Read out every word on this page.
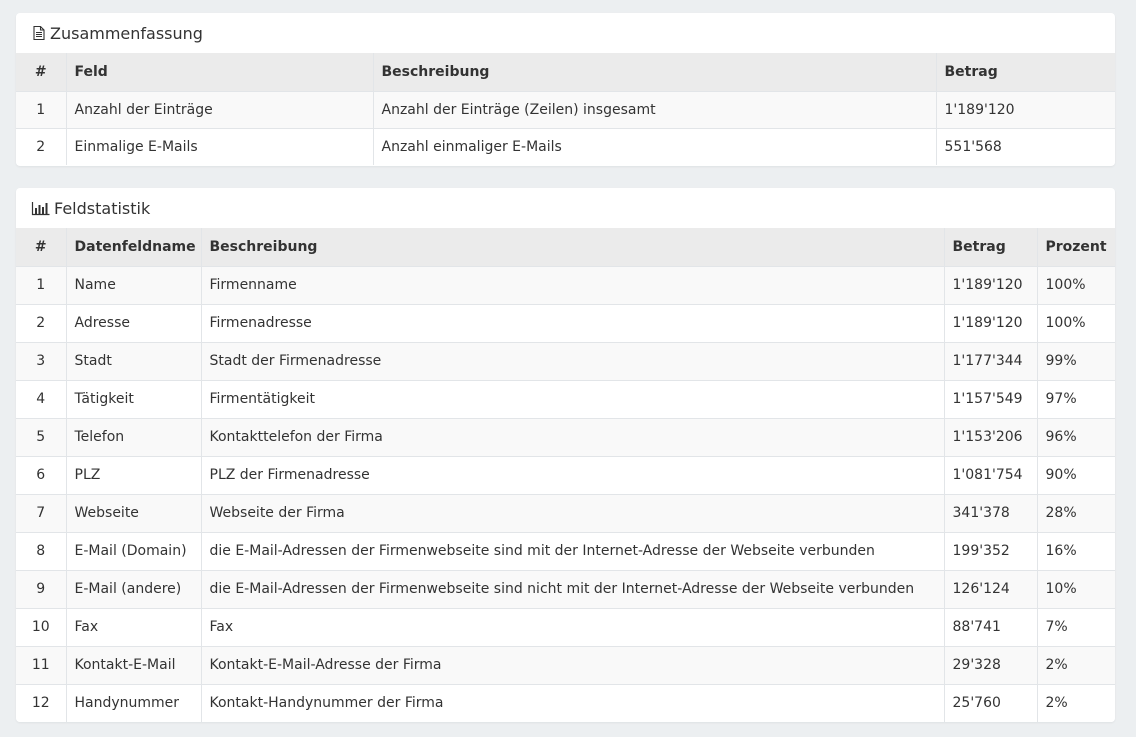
Zusammenfassung
#	Feld	Beschreibung	Betrag
1	Anzahl der Einträge	Anzahl der Einträge (Zeilen) insgesamt	1'189'120
2	Einmalige E-Mails	Anzahl einmaliger E-Mails	551'568
Feldstatistik
#	Datenfeldname	Beschreibung	Betrag	Prozent
1	Name	Firmenname	1'189'120	100%
2	Adresse	Firmenadresse	1'189'120	100%
3	Stadt	Stadt der Firmenadresse	1'177'344	99%
4	Tätigkeit	Firmentätigkeit	1'157'549	97%
5	Telefon	Kontakttelefon der Firma	1'153'206	96%
6	PLZ	PLZ der Firmenadresse	1'081'754	90%
7	Webseite	Webseite der Firma	341'378	28%
8	E-Mail (Domain)	die E-Mail-Adressen der Firmenwebseite sind mit der Internet-Adresse der Webseite verbunden	199'352	16%
9	E-Mail (andere)	die E-Mail-Adressen der Firmenwebseite sind nicht mit der Internet-Adresse der Webseite verbunden	126'124	10%
10	Fax	Fax	88'741	7%
11	Kontakt-E-Mail	Kontakt-E-Mail-Adresse der Firma	29'328	2%
12	Handynummer	Kontakt-Handynummer der Firma	25'760	2%
